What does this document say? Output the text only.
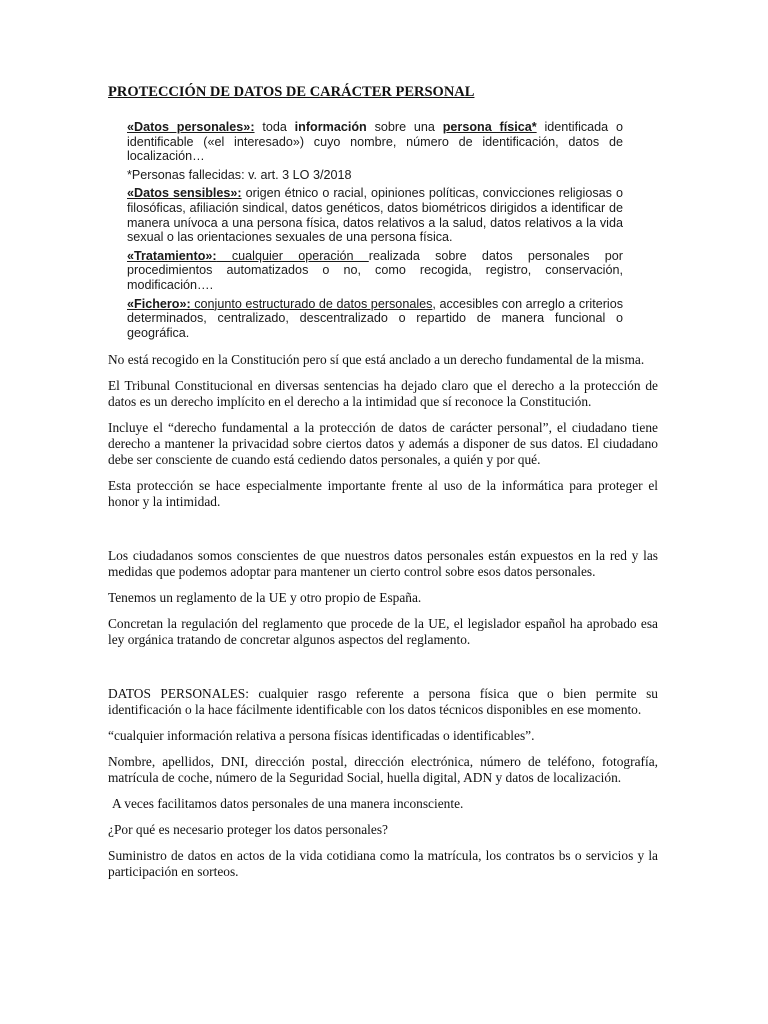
PROTECCIÓN DE DATOS DE CARÁCTER PERSONAL

«Datos personales»: toda información sobre una persona física* identificada o identificable («el interesado») cuyo nombre, número de identificación, datos de localización…

*Personas fallecidas: v. art. 3 LO 3/2018

«Datos sensibles»: origen étnico o racial, opiniones políticas, convicciones religiosas o filosóficas, afiliación sindical, datos genéticos, datos biométricos dirigidos a identificar de manera unívoca a una persona física, datos relativos a la salud, datos relativos a la vida sexual o las orientaciones sexuales de una persona física.

«Tratamiento»: cualquier operación realizada sobre datos personales por procedimientos automatizados o no, como recogida, registro, conservación, modificación….

«Fichero»: conjunto estructurado de datos personales, accesibles con arreglo a criterios determinados, centralizado, descentralizado o repartido de manera funcional o geográfica.

No está recogido en la Constitución pero sí que está anclado a un derecho fundamental de la misma.

El Tribunal Constitucional en diversas sentencias ha dejado claro que el derecho a la protección de datos es un derecho implícito en el derecho a la intimidad que sí reconoce la Constitución.

Incluye el “derecho fundamental a la protección de datos de carácter personal”, el ciudadano tiene derecho a mantener la privacidad sobre ciertos datos y además a disponer de sus datos. El ciudadano debe ser consciente de cuando está cediendo datos personales, a quién y por qué.

Esta protección se hace especialmente importante frente al uso de la informática para proteger el honor y la intimidad.

Los ciudadanos somos conscientes de que nuestros datos personales están expuestos en la red y las medidas que podemos adoptar para mantener un cierto control sobre esos datos personales.

Tenemos un reglamento de la UE y otro propio de España.

Concretan la regulación del reglamento que procede de la UE, el legislador español ha aprobado esa ley orgánica tratando de concretar algunos aspectos del reglamento.

DATOS PERSONALES: cualquier rasgo referente a persona física que o bien permite su identificación o la hace fácilmente identificable con los datos técnicos disponibles en ese momento.

“cualquier información relativa a persona físicas identificadas o identificables”.

Nombre, apellidos, DNI, dirección postal, dirección electrónica, número de teléfono, fotografía, matrícula de coche, número de la Seguridad Social, huella digital, ADN y datos de localización.

A veces facilitamos datos personales de una manera inconsciente.

¿Por qué es necesario proteger los datos personales?

Suministro de datos en actos de la vida cotidiana como la matrícula, los contratos bs o servicios y la participación en sorteos.
